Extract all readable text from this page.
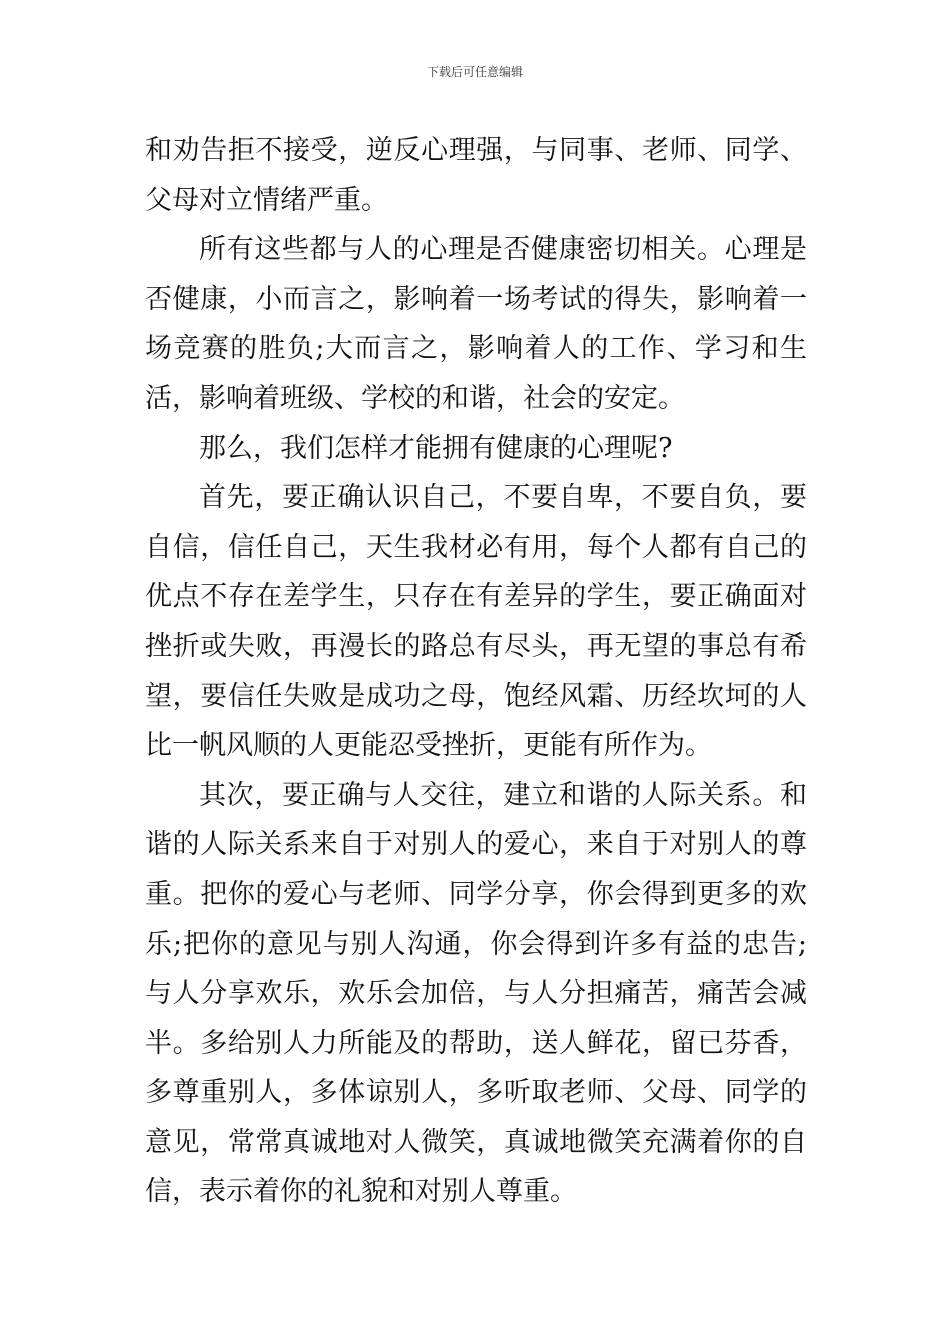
下载后可任意编辑

和劝告拒不接受，逆反心理强，与同事、老师、同学、父母对立情绪严重。

所有这些都与人的心理是否健康密切相关。心理是否健康，小而言之，影响着一场考试的得失，影响着一场竞赛的胜负;大而言之，影响着人的工作、学习和生活，影响着班级、学校的和谐，社会的安定。

那么，我们怎样才能拥有健康的心理呢?

首先，要正确认识自己，不要自卑，不要自负，要自信，信任自己，天生我材必有用，每个人都有自己的优点不存在差学生，只存在有差异的学生，要正确面对挫折或失败，再漫长的路总有尽头，再无望的事总有希望，要信任失败是成功之母，饱经风霜、历经坎坷的人比一帆风顺的人更能忍受挫折，更能有所作为。

其次，要正确与人交往，建立和谐的人际关系。和谐的人际关系来自于对别人的爱心，来自于对别人的尊重。把你的爱心与老师、同学分享，你会得到更多的欢乐;把你的意见与别人沟通，你会得到许多有益的忠告;与人分享欢乐，欢乐会加倍，与人分担痛苦，痛苦会减半。多给别人力所能及的帮助，送人鲜花，留已芬香，多尊重别人，多体谅别人，多听取老师、父母、同学的意见，常常真诚地对人微笑，真诚地微笑充满着你的自信，表示着你的礼貌和对别人尊重。
